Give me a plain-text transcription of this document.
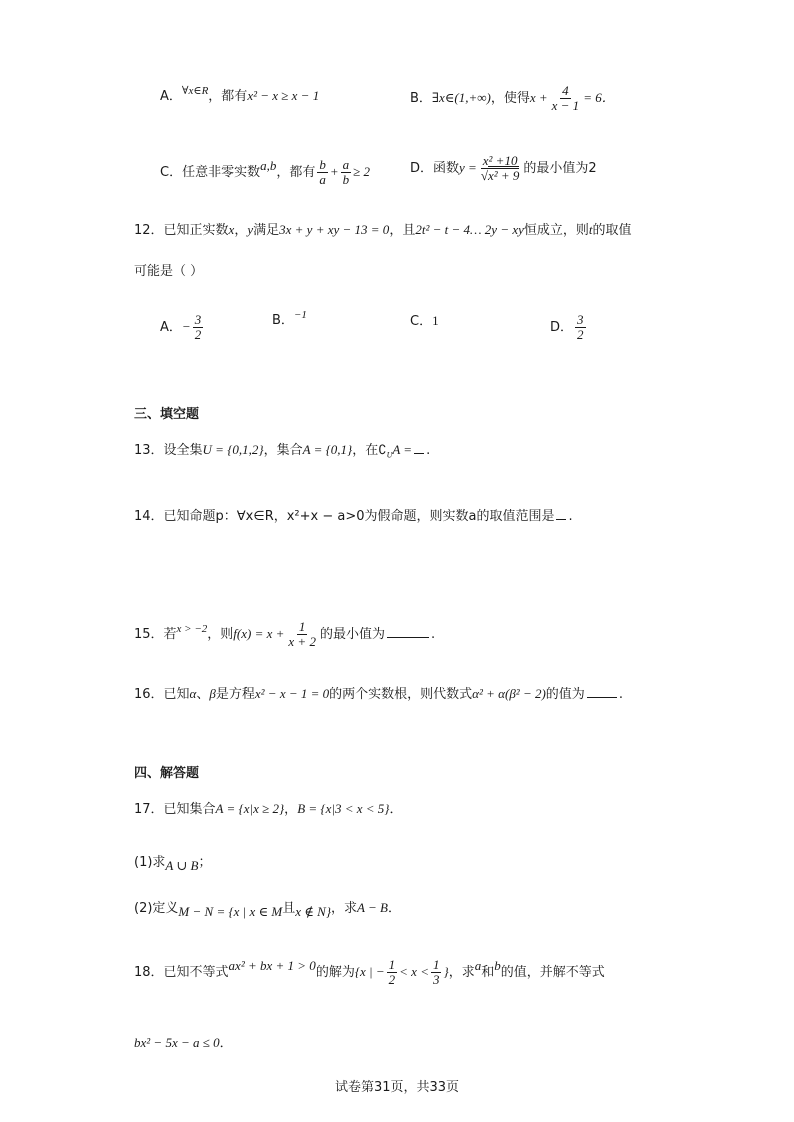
A．$^{\forall x\in R}$，都有x² − x ≥ x − 1	B．∃x∈(1,+∞)，使得$x + \frac{4}{x - 1} = 6$．
C．任意非零实数a,b，都有 $\frac{b}{a} + \frac{a}{b} \ge 2$	D．函数$y = \frac{\text{x² +10}}{\text{√x² + 9}}$ 的最小值为2
12．已知正实数x，y满足3x + y + xy − 13 = 0，且2t² − t − 4… 2y − xy恒成立，则t的取值
可能是（ ）
A．− $\frac{3}{2}$	B．$^{-1}$	C．1	D． $\frac{3}{2}$
三、填空题
13．设全集U = {0,1,2}，集合A = {0,1}，在$∁_UA$ = .
14．已知命题p：∀x∈R，x²+x − a>0为假命题，则实数a的取值范围是 .
15．若$^{x > -2}$，则$f(x) = x + \frac{1}{x + 2}$ 的最小值为	.
16．已知α、β是方程x² − x − 1 = 0的两个实数根，则代数式α² + α(β² − 2)的值为	.
四、解答题
17．已知集合A = {x|x ≥ 2}，B = {x|3 < x < 5}．
(1)求A ∪ B；
(2)定义M − N = {x | x ∈ M且x ∉ N}，求A − B．
18．已知不等式ax² + bx + 1 > 0的解为{x | − $\frac{1}{2} < x < \frac{1}{3}$ }，求a和b的值，并解不等式
bx² − 5x − a ≤ 0．
试卷第31页，共33页
